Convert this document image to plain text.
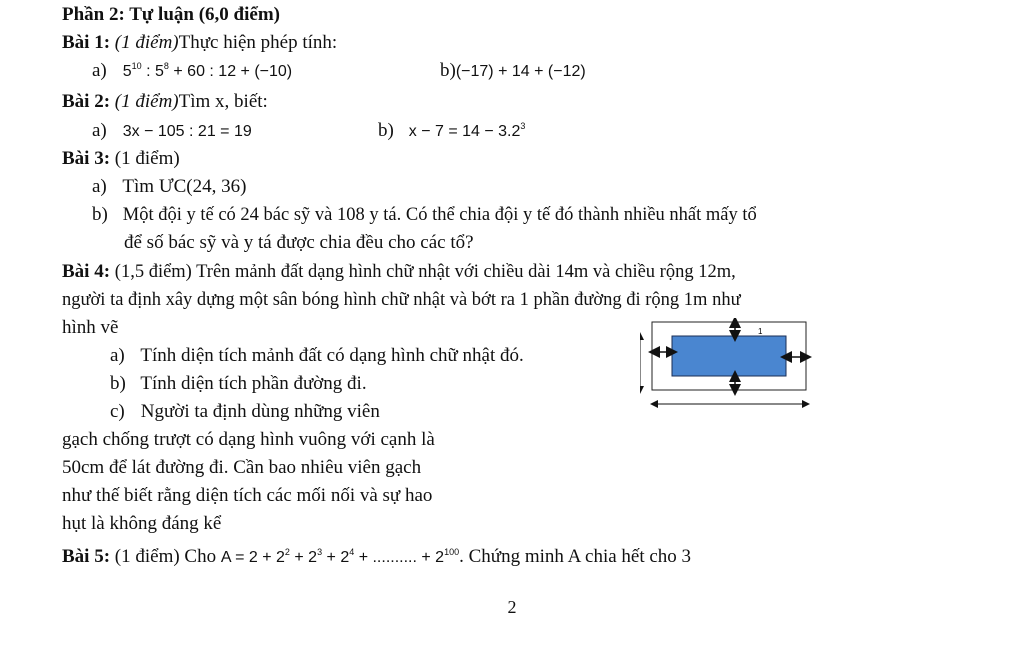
Phần 2: Tự luận (6,0 điểm)
Bài 1: (1 điểm)Thực hiện phép tính:
a) $5^{10}$ : $5^8 + 60$ : 12 + (−10)	b)(−17) + 14 + (−12)
Bài 2: (1 điểm)Tìm x, biết:
a) 3x − 105 : 21 = 19	b) $x - 7 = 14 - 3.2^3$
Bài 3: (1 điểm)
a) Tìm ƯC(24, 36)
b) Một đội y tế có 24 bác sỹ và 108 y tá. Có thể chia đội y tế đó thành nhiều nhất mấy tổ
để số bác sỹ và y tá được chia đều cho các tổ?
Bài 4: (1,5 điểm) Trên mảnh đất dạng hình chữ nhật với chiều dài 14m và chiều rộng 12m,
người ta định xây dựng một sân bóng hình chữ nhật và bớt ra 1 phần đường đi rộng 1m như
hình vẽ
a) Tính diện tích mảnh đất có dạng hình chữ nhật đó.
b) Tính diện tích phần đường đi.
c) Người ta định dùng những viên
gạch chống trượt có dạng hình vuông với cạnh là
50cm để lát đường đi. Cần bao nhiêu viên gạch
như thế biết rằng diện tích các mối nối và sự hao
hụt là không đáng kể
1
Bài 5: (1 điểm) Cho $A = 2 + 2^2 + 2^3 + 2^4$ + .......... + $2^{100}$. Chứng minh A chia hết cho 3
2
